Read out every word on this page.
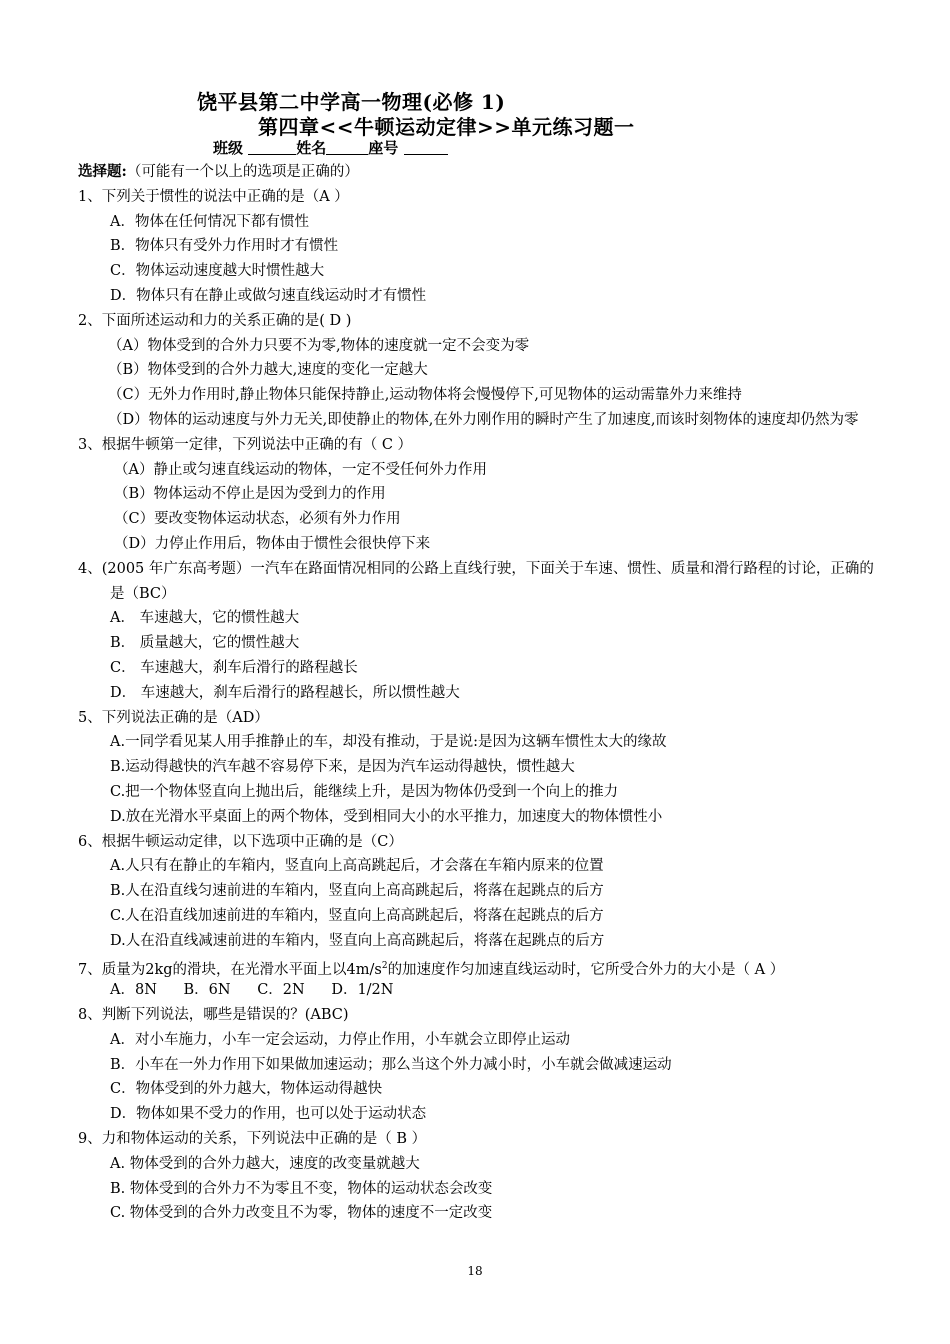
饶平县第二中学高一物理(必修 1)
第四章<<牛顿运动定律>>单元练习题一
班级	姓名	座号
选择题:（可能有一个以上的选项是正确的）
1、下列关于惯性的说法中正确的是（A ）
A．物体在任何情况下都有惯性
B．物体只有受外力作用时才有惯性
C．物体运动速度越大时惯性越大
D．物体只有在静止或做匀速直线运动时才有惯性
2、下面所述运动和力的关系正确的是( D )
（A）物体受到的合外力只要不为零,物体的速度就一定不会变为零
（B）物体受到的合外力越大,速度的变化一定越大
（C）无外力作用时,静止物体只能保持静止,运动物体将会慢慢停下,可见物体的运动需靠外力来维持
（D）物体的运动速度与外力无关,即使静止的物体,在外力刚作用的瞬时产生了加速度,而该时刻物体的速度却仍然为零
3、根据牛顿第一定律，下列说法中正确的有（ C ）
（A）静止或匀速直线运动的物体，一定不受任何外力作用
（B）物体运动不停止是因为受到力的作用
（C）要改变物体运动状态，必须有外力作用
（D）力停止作用后，物体由于惯性会很快停下来
4、(2005 年广东高考题）一汽车在路面情况相同的公路上直线行驶，下面关于车速、惯性、质量和滑行路程的讨论，正确的是（BC）
A． 车速越大，它的惯性越大
B． 质量越大，它的惯性越大
C． 车速越大，刹车后滑行的路程越长
D． 车速越大，刹车后滑行的路程越长，所以惯性越大
5、下列说法正确的是（AD）
A.一同学看见某人用手推静止的车，却没有推动，于是说:是因为这辆车惯性太大的缘故
B.运动得越快的汽车越不容易停下来，是因为汽车运动得越快，惯性越大
C.把一个物体竖直向上抛出后，能继续上升，是因为物体仍受到一个向上的推力
D.放在光滑水平桌面上的两个物体，受到相同大小的水平推力，加速度大的物体惯性小
6、根据牛顿运动定律，以下选项中正确的是（C）
A.人只有在静止的车箱内，竖直向上高高跳起后，才会落在车箱内原来的位置
B.人在沿直线匀速前进的车箱内，竖直向上高高跳起后，将落在起跳点的后方
C.人在沿直线加速前进的车箱内，竖直向上高高跳起后，将落在起跳点的后方
D.人在沿直线减速前进的车箱内，竖直向上高高跳起后，将落在起跳点的后方
7、质量为2kg的滑块，在光滑水平面上以$4m/s^2$的加速度作匀加速直线运动时，它所受合外力的大小是（ A ）
A．8N B．6N C．2N D．1/2N
8、判断下列说法，哪些是错误的？(ABC)
A．对小车施力，小车一定会运动，力停止作用，小车就会立即停止运动
B．小车在一外力作用下如果做加速运动；那么当这个外力减小时，小车就会做减速运动
C．物体受到的外力越大，物体运动得越快
D．物体如果不受力的作用，也可以处于运动状态
9、力和物体运动的关系，下列说法中正确的是（ B ）
A. 物体受到的合外力越大，速度的改变量就越大
B. 物体受到的合外力不为零且不变，物体的运动状态会改变
C. 物体受到的合外力改变且不为零，物体的速度不一定改变
18
